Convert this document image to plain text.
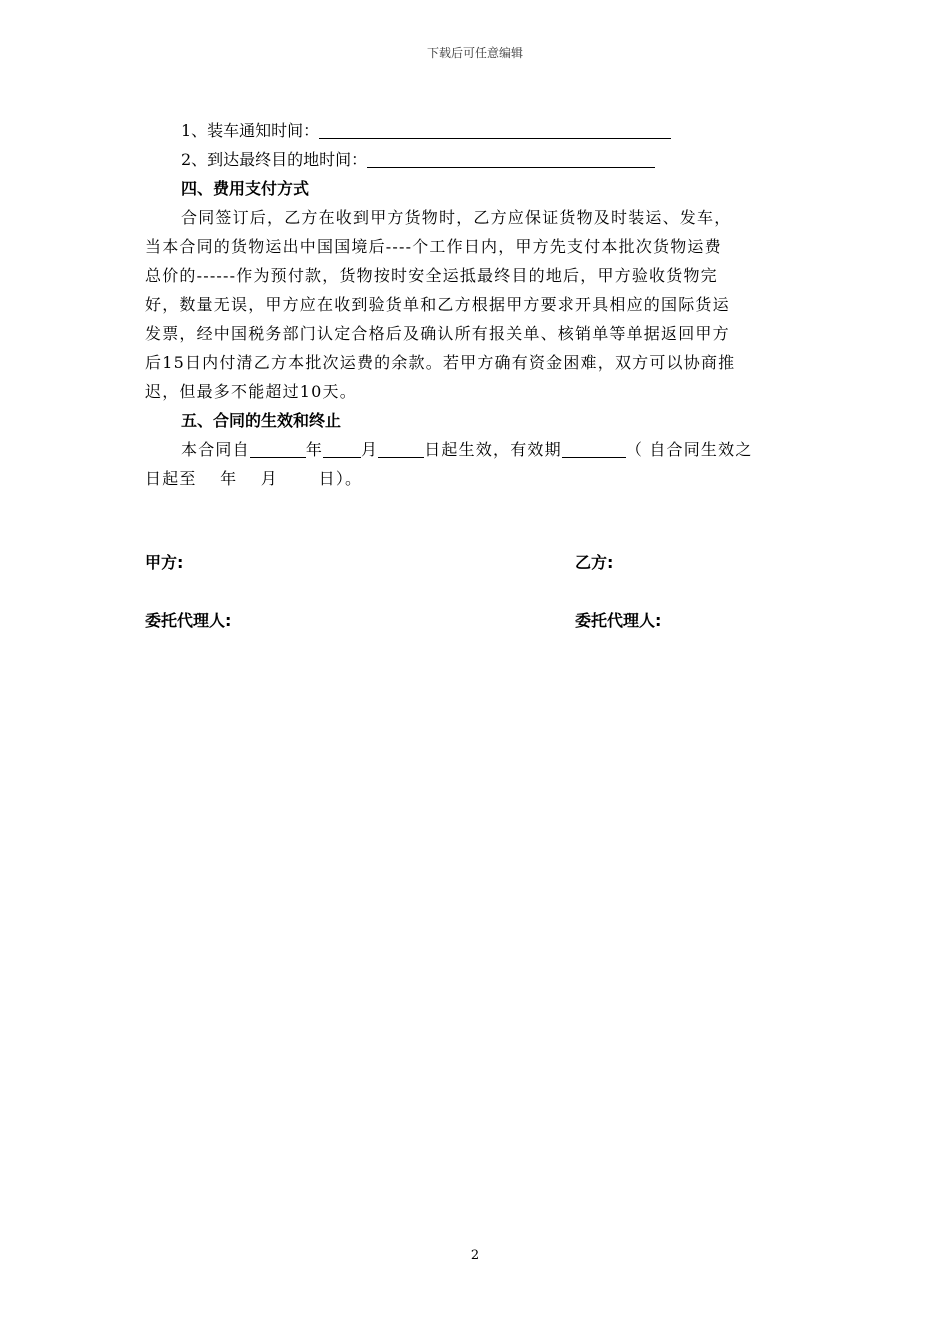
下载后可任意编辑
1、装车通知时间：
2、到达最终目的地时间：
四、费用支付方式
合同签订后，乙方在收到甲方货物时，乙方应保证货物及时装运、发车，
当本合同的货物运出中国国境后----个工作日内，甲方先支付本批次货物运费
总价的------作为预付款，货物按时安全运抵最终目的地后，甲方验收货物完
好，数量无误，甲方应在收到验货单和乙方根据甲方要求开具相应的国际货运
发票，经中国税务部门认定合格后及确认所有报关单、核销单等单据返回甲方
后15日内付清乙方本批次运费的余款。若甲方确有资金困难，双方可以协商推
迟，但最多不能超过10天。
五、合同的生效和终止
本合同自	年 月	日起生效，有效期	（ 自合同生效之
日起至　 年 　月　 　日）。
甲方:	乙方:
委托代理人:	委托代理人:
2
